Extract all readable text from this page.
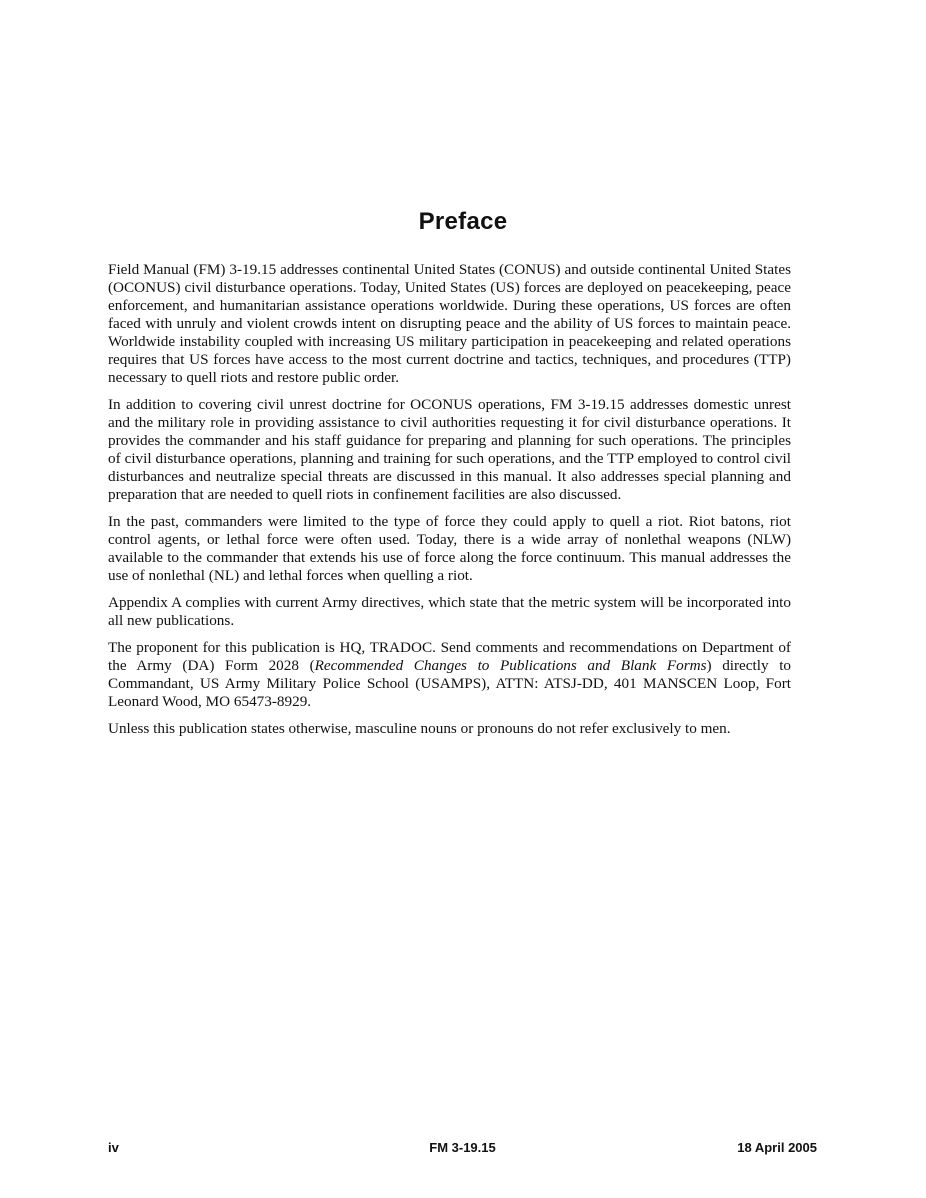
Preface

Field Manual (FM) 3-19.15 addresses continental United States (CONUS) and outside continental United States (OCONUS) civil disturbance operations. Today, United States (US) forces are deployed on peacekeeping, peace enforcement, and humanitarian assistance operations worldwide. During these operations, US forces are often faced with unruly and violent crowds intent on disrupting peace and the ability of US forces to maintain peace. Worldwide instability coupled with increasing US military participation in peacekeeping and related operations requires that US forces have access to the most current doctrine and tactics, techniques, and procedures (TTP) necessary to quell riots and restore public order.

In addition to covering civil unrest doctrine for OCONUS operations, FM 3-19.15 addresses domestic unrest and the military role in providing assistance to civil authorities requesting it for civil disturbance operations. It provides the commander and his staff guidance for preparing and planning for such operations. The principles of civil disturbance operations, planning and training for such operations, and the TTP employed to control civil disturbances and neutralize special threats are discussed in this manual. It also addresses special planning and preparation that are needed to quell riots in confinement facilities are also discussed.

In the past, commanders were limited to the type of force they could apply to quell a riot. Riot batons, riot control agents, or lethal force were often used. Today, there is a wide array of nonlethal weapons (NLW) available to the commander that extends his use of force along the force continuum. This manual addresses the use of nonlethal (NL) and lethal forces when quelling a riot.

Appendix A complies with current Army directives, which state that the metric system will be incorporated into all new publications.

The proponent for this publication is HQ, TRADOC. Send comments and recommendations on Department of the Army (DA) Form 2028 (Recommended Changes to Publications and Blank Forms) directly to Commandant, US Army Military Police School (USAMPS), ATTN: ATSJ-DD, 401 MANSCEN Loop, Fort Leonard Wood, MO 65473-8929.

Unless this publication states otherwise, masculine nouns or pronouns do not refer exclusively to men.

FM 3-19.15
iv	18 April 2005
